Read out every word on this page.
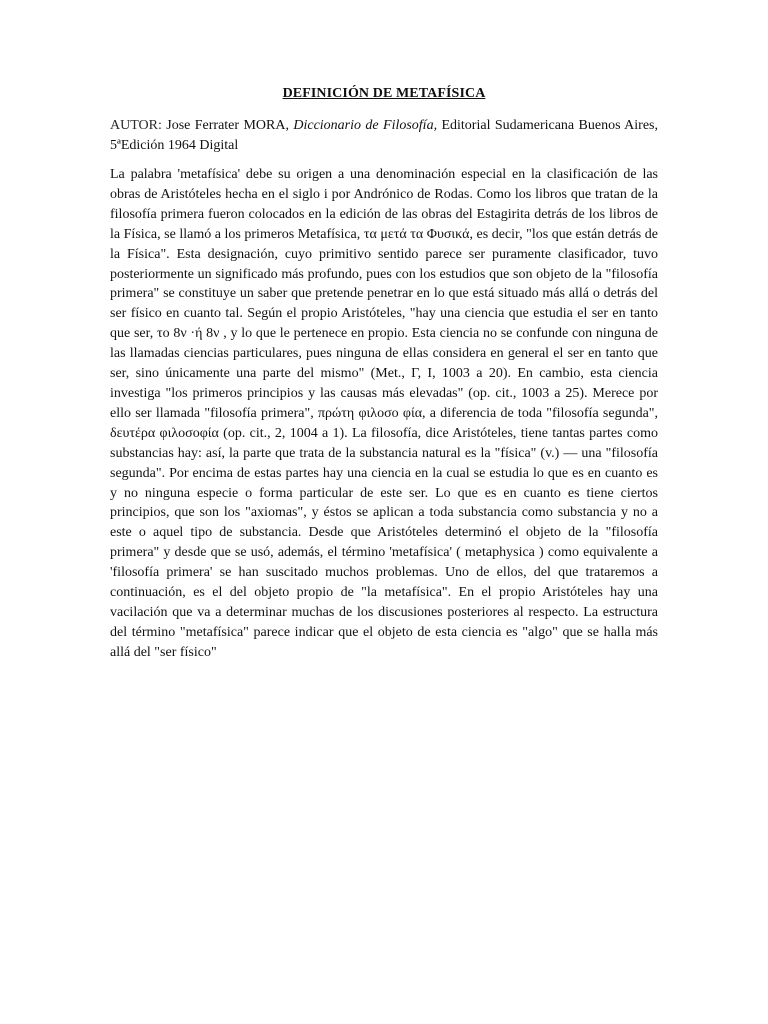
DEFINICIÓN DE METAFÍSICA

AUTOR: Jose Ferrater MORA, Diccionario de Filosofía, Editorial Sudamericana Buenos Aires, 5ªEdición 1964 Digital

La palabra 'metafísica' debe su origen a una denominación especial en la clasificación de las obras de Aristóteles hecha en el siglo i por Andrónico de Rodas. Como los libros que tratan de la filosofía primera fueron colocados en la edición de las obras del Estagirita detrás de los libros de la Física, se llamó a los primeros Metafísica, τα μετά τα Φυσικά, es decir, "los que están detrás de la Física". Esta designación, cuyo primitivo sentido parece ser puramente clasificador, tuvo posteriormente un significado más profundo, pues con los estudios que son objeto de la "filosofía primera" se constituye un saber que pretende penetrar en lo que está situado más allá o detrás del ser físico en cuanto tal. Según el propio Aristóteles, "hay una ciencia que estudia el ser en tanto que ser, το 8ν ·ή 8ν , y lo que le pertenece en propio. Esta ciencia no se confunde con ninguna de las llamadas ciencias particulares, pues ninguna de ellas considera en general el ser en tanto que ser, sino únicamente una parte del mismo" (Met., Γ, I, 1003 a 20). En cambio, esta ciencia investiga "los primeros principios y las causas más elevadas" (op. cit., 1003 a 25). Merece por ello ser llamada "filosofía primera", πρώτη φιλοσο φία, a diferencia de toda "filosofía segunda", δευτέρα φιλοσοφία (op. cit., 2, 1004 a 1). La filosofía, dice Aristóteles, tiene tantas partes como substancias hay: así, la parte que trata de la substancia natural es la "física" (v.) — una "filosofía segunda". Por encima de estas partes hay una ciencia en la cual se estudia lo que es en cuanto es y no ninguna especie o forma particular de este ser. Lo que es en cuanto es tiene ciertos principios, que son los "axiomas", y éstos se aplican a toda substancia como substancia y no a este o aquel tipo de substancia. Desde que Aristóteles determinó el objeto de la "filosofía primera" y desde que se usó, además, el término 'metafísica' ( metaphysica ) como equivalente a 'filosofía primera' se han suscitado muchos problemas. Uno de ellos, del que trataremos a continuación, es el del objeto propio de "la metafísica". En el propio Aristóteles hay una vacilación que va a determinar muchas de los discusiones posteriores al respecto. La estructura del término "metafísica" parece indicar que el objeto de esta ciencia es "algo" que se halla más allá del "ser físico"
